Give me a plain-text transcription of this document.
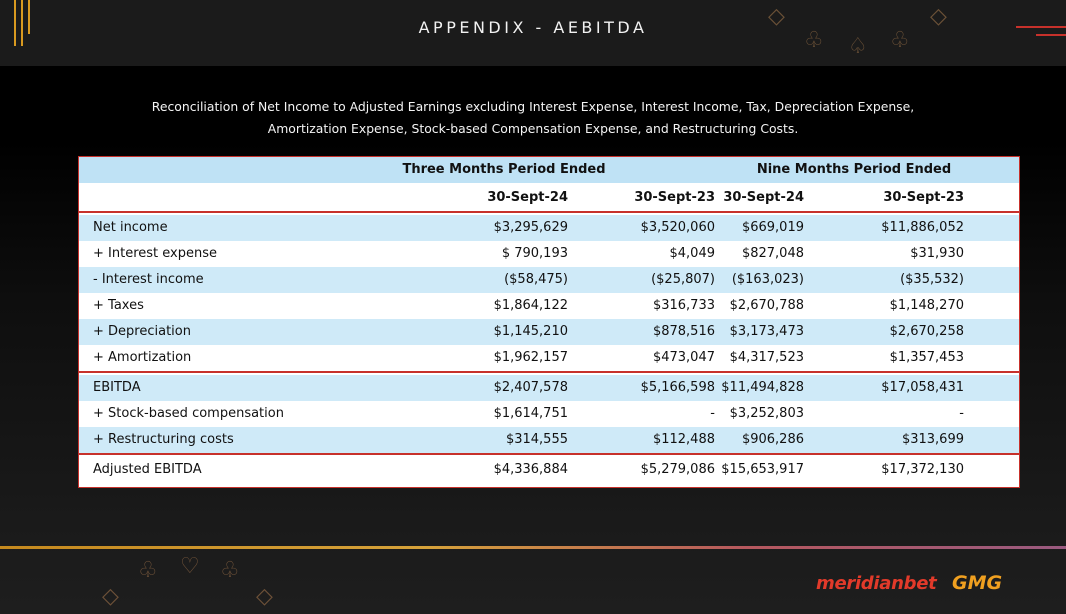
APPENDIX - AEBITDA	◇	◇
♧ ♤ ♧
Reconciliation of Net Income to Adjusted Earnings excluding Interest Expense, Interest Income, Tax, Depreciation Expense,
Amortization Expense, Stock-based Compensation Expense, and Restructuring Costs.
Three Months Period Ended	Nine Months Period Ended
30-Sept-24	30-Sept-23 30-Sept-24	30-Sept-23
Net income	$3,295,629	$3,520,060 $669,019	$11,886,052
+ Interest expense	$ 790,193	$4,049 $827,048	$31,930
- Interest income	($58,475)	($25,807) ($163,023)	($35,532)
+ Taxes	$1,864,122	$316,733 $2,670,788	$1,148,270
+ Depreciation	$1,145,210	$878,516 $3,173,473	$2,670,258
+ Amortization	$1,962,157	$473,047 $4,317,523	$1,357,453
EBITDA	$2,407,578	$5,166,598 $11,494,828	$17,058,431
+ Stock-based compensation	$1,614,751	- $3,252,803	-
+ Restructuring costs	$314,555	$112,488 $906,286	$313,699
Adjusted EBITDA	$4,336,884	$5,279,086 $15,653,917	$17,372,130
♧ ♡ ♧
◇	◇
meridianbet GMG
